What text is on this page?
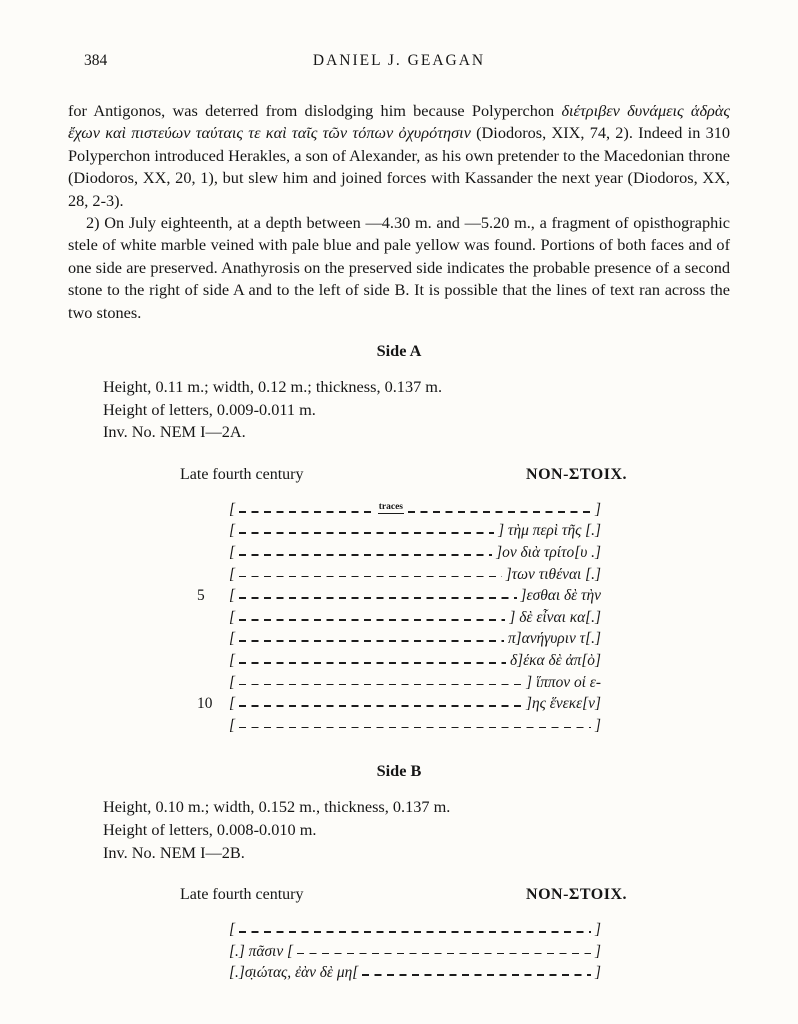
384	DANIEL J. GEAGAN

for Antigonos, was deterred from dislodging him because Polyperchon διέτριβεν δυνάμεις ἁδρὰς ἔχων καὶ πιστεύων ταύταις τε καὶ ταῖς τῶν τόπων ὀχυρότησιν (Diodoros, XIX, 74, 2). Indeed in 310 Polyperchon introduced Herakles, a son of Alexander, as his own pretender to the Macedonian throne (Diodoros, XX, 20, 1), but slew him and joined forces with Kassander the next year (Diodoros, XX, 28, 2-3).

2) On July eighteenth, at a depth between —4.30 m. and —5.20 m., a fragment of opisthographic stele of white marble veined with pale blue and pale yellow was found. Portions of both faces and of one side are preserved. Anathyrosis on the preserved side indicates the probable presence of a second stone to the right of side A and to the left of side B. It is possible that the lines of text ran across the two stones.

Side A
Height, 0.11 m.; width, 0.12 m.; thickness, 0.137 m.
Height of letters, 0.009-0.011 m.
Inv. No. NEM I—2A.
Late fourth century	ΝΟΝ-ΣΤΟΙΧ.
[	traces	]
[	] τὴμ περὶ τῆς [.]
[	]ον διὰ τρίτο[υ .]
[	]των τιθέναι [.]
5	[	]εσθαι δὲ τὴν
[	] δὲ εἶναι κα[.]
[	π]ανήγυριν τ[.]
[	δ]έκα δὲ ἀπ[ὸ]
[	] ἵππον οἱ ε-
10	[	]ης ἕνεκε[ν]
[	]
Side B
Height, 0.10 m.; width, 0.152 m., thickness, 0.137 m.
Height of letters, 0.008-0.010 m.
Inv. No. NEM I—2B.
Late fourth century	ΝΟΝ-ΣΤΟΙΧ.
[	]
[.] πᾶσιν [	]
[.]σ̣ιώτας, ἐὰν δὲ μη[	]
